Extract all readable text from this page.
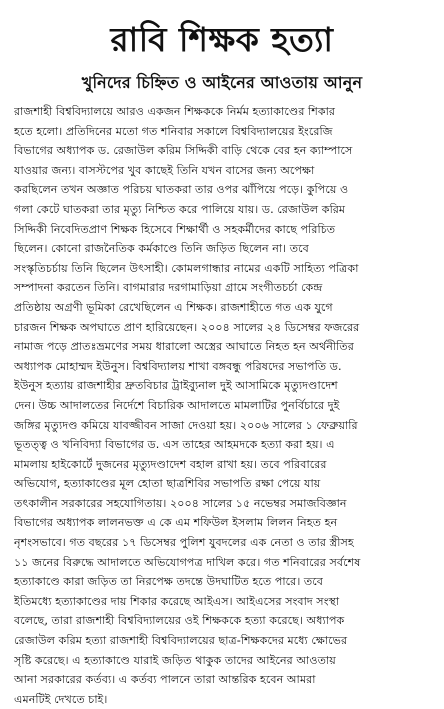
রাবি শিক্ষক হত্যা
খুনিদের চিহ্নিত ও আইনের আওতায় আনুন
রাজশাহী বিশ্ববিদ্যালয়ে আরও একজন শিক্ষককে নির্মম হত্যাকাণ্ডের শিকার
হতে হলো। প্রতিদিনের মতো গত শনিবার সকালে বিশ্ববিদ্যালয়ের ইংরেজি
বিভাগের অধ্যাপক ড. রেজাউল করিম সিদ্দিকী বাড়ি থেকে বের হন ক্যাম্পাসে
যাওয়ার জন্য। বাসস্টপের খুব কাছেই তিনি যখন বাসের জন্য অপেক্ষা
করছিলেন তখন অজ্ঞাত পরিচয় ঘাতকরা তার ওপর ঝাঁপিয়ে পড়ে। কুপিয়ে ও
গলা কেটে ঘাতকরা তার মৃত্যু নিশ্চিত করে পালিয়ে যায়। ড. রেজাউল করিম
সিদ্দিকী নিবেদিতপ্রাণ শিক্ষক হিসেবে শিক্ষার্থী ও সহকর্মীদের কাছে পরিচিত
ছিলেন। কোনো রাজনৈতিক কর্মকাণ্ডে তিনি জড়িত ছিলেন না। তবে
সংস্কৃতিচর্চায় তিনি ছিলেন উৎসাহী। কোমলগান্ধার নামের একটি সাহিত্য পত্রিকা
সম্পাদনা করতেন তিনি। বাগমারার দরগামাড়িয়া গ্রামে সংগীতচর্চা কেন্দ্র
প্রতিষ্ঠায় অগ্রণী ভূমিকা রেখেছিলেন এ শিক্ষক। রাজশাহীতে গত এক যুগে
চারজন শিক্ষক অপঘাতে প্রাণ হারিয়েছেন। ২০০৪ সালের ২৪ ডিসেম্বর ফজরের
নামাজ পড়ে প্রাতঃভ্রমণের সময় ধারালো অস্ত্রের আঘাতে নিহত হন অর্থনীতির
অধ্যাপক মোহাম্মদ ইউনুস। বিশ্ববিদ্যালয় শাখা বঙ্গবন্ধু পরিষদের সভাপতি ড.
ইউনুস হত্যায় রাজশাহীর দ্রুতবিচার ট্রাইব্যুনাল দুই আসামিকে মৃত্যুদণ্ডাদেশ
দেন। উচ্চ আদালতের নির্দেশে বিচারিক আদালতে মামলাটির পুনর্বিচারে দুই
জঙ্গির মৃত্যুদণ্ড কমিয়ে যাবজ্জীবন সাজা দেওয়া হয়। ২০০৬ সালের ১ ফেব্রুয়ারি
ভূতত্ত্ব ও খনিবিদ্যা বিভাগের ড. এস তাহের আহমদকে হত্যা করা হয়। এ
মামলায় হাইকোর্টে দুজনের মৃত্যুদণ্ডাদেশ বহাল রাখা হয়। তবে পরিবারের
অভিযোগ, হত্যাকাণ্ডের মূল হোতা ছাত্রশিবির সভাপতি রক্ষা পেয়ে যায়
তৎকালীন সরকারের সহযোগিতায়। ২০০৪ সালের ১৫ নভেম্বর সমাজবিজ্ঞান
বিভাগের অধ্যাপক লালনভক্ত এ কে এম শফিউল ইসলাম লিলন নিহত হন
নৃশংসভাবে। গত বছরের ১৭ ডিসেম্বর পুলিশ যুবদলের এক নেতা ও তার স্ত্রীসহ
১১ জনের বিরুদ্ধে আদালতে অভিযোগপত্র দাখিল করে। গত শনিবারের সর্বশেষ
হত্যাকাণ্ডে কারা জড়িত তা নিরপেক্ষ তদন্তে উদঘাটিত হতে পারে। তবে
ইতিমধ্যে হত্যাকাণ্ডের দায় শিকার করেছে আইএস। আইএসের সংবাদ সংস্থা
বলেছে, তারা রাজশাহী বিশ্ববিদ্যালয়ের ওই শিক্ষককে হত্যা করেছে। অধ্যাপক
রেজাউল করিম হত্যা রাজশাহী বিশ্ববিদ্যালয়ের ছাত্র-শিক্ষকদের মধ্যে ক্ষোভের
সৃষ্টি করেছে। এ হত্যাকাণ্ডে যারাই জড়িত থাকুক তাদের আইনের আওতায়
আনা সরকারের কর্তব্য। এ কর্তব্য পালনে তারা আন্তরিক হবেন আমরা
এমনটিই দেখতে চাই।
